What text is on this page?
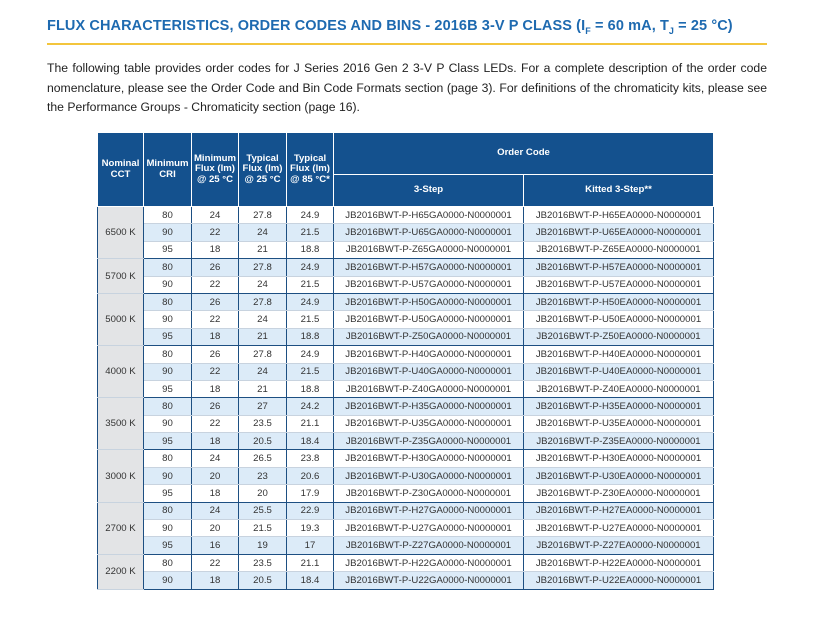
FLUX CHARACTERISTICS, ORDER CODES AND BINS - 2016B 3-V P CLASS ($I_F = 60$ mA, $T_J = 25$ °C)

The following table provides order codes for J Series 2016 Gen 2 3-V P Class LEDs. For a complete description of the order code nomenclature, please see the Order Code and Bin Code Formats section (page 3). For definitions of the chromaticity kits, please see the Performance Groups - Chromaticity section (page 16).

Nominal CCT	Minimum CRI	Minimum Flux (lm) @ 25 °C	Typical Flux (lm) @ 25 °C	Typical Flux (lm) @ 85 °C*	Order Code	
					3-Step	Kitted 3-Step**
6500 K	80	24	27.8	24.9	JB2016BWT-P-H65GA0000-N0000001	JB2016BWT-P-H65EA0000-N0000001
	90	22	24	21.5	JB2016BWT-P-U65GA0000-N0000001	JB2016BWT-P-U65EA0000-N0000001
	95	18	21	18.8	JB2016BWT-P-Z65GA0000-N0000001	JB2016BWT-P-Z65EA0000-N0000001
5700 K	80	26	27.8	24.9	JB2016BWT-P-H57GA0000-N0000001	JB2016BWT-P-H57EA0000-N0000001
	90	22	24	21.5	JB2016BWT-P-U57GA0000-N0000001	JB2016BWT-P-U57EA0000-N0000001
5000 K	80	26	27.8	24.9	JB2016BWT-P-H50GA0000-N0000001	JB2016BWT-P-H50EA0000-N0000001
	90	22	24	21.5	JB2016BWT-P-U50GA0000-N0000001	JB2016BWT-P-U50EA0000-N0000001
	95	18	21	18.8	JB2016BWT-P-Z50GA0000-N0000001	JB2016BWT-P-Z50EA0000-N0000001
4000 K	80	26	27.8	24.9	JB2016BWT-P-H40GA0000-N0000001	JB2016BWT-P-H40EA0000-N0000001
	90	22	24	21.5	JB2016BWT-P-U40GA0000-N0000001	JB2016BWT-P-U40EA0000-N0000001
	95	18	21	18.8	JB2016BWT-P-Z40GA0000-N0000001	JB2016BWT-P-Z40EA0000-N0000001
3500 K	80	26	27	24.2	JB2016BWT-P-H35GA0000-N0000001	JB2016BWT-P-H35EA0000-N0000001
	90	22	23.5	21.1	JB2016BWT-P-U35GA0000-N0000001	JB2016BWT-P-U35EA0000-N0000001
	95	18	20.5	18.4	JB2016BWT-P-Z35GA0000-N0000001	JB2016BWT-P-Z35EA0000-N0000001
3000 K	80	24	26.5	23.8	JB2016BWT-P-H30GA0000-N0000001	JB2016BWT-P-H30EA0000-N0000001
	90	20	23	20.6	JB2016BWT-P-U30GA0000-N0000001	JB2016BWT-P-U30EA0000-N0000001
	95	18	20	17.9	JB2016BWT-P-Z30GA0000-N0000001	JB2016BWT-P-Z30EA0000-N0000001
2700 K	80	24	25.5	22.9	JB2016BWT-P-H27GA0000-N0000001	JB2016BWT-P-H27EA0000-N0000001
	90	20	21.5	19.3	JB2016BWT-P-U27GA0000-N0000001	JB2016BWT-P-U27EA0000-N0000001
	95	16	19	17	JB2016BWT-P-Z27GA0000-N0000001	JB2016BWT-P-Z27EA0000-N0000001
2200 K	80	22	23.5	21.1	JB2016BWT-P-H22GA0000-N0000001	JB2016BWT-P-H22EA0000-N0000001
	90	18	20.5	18.4	JB2016BWT-P-U22GA0000-N0000001	JB2016BWT-P-U22EA0000-N0000001
